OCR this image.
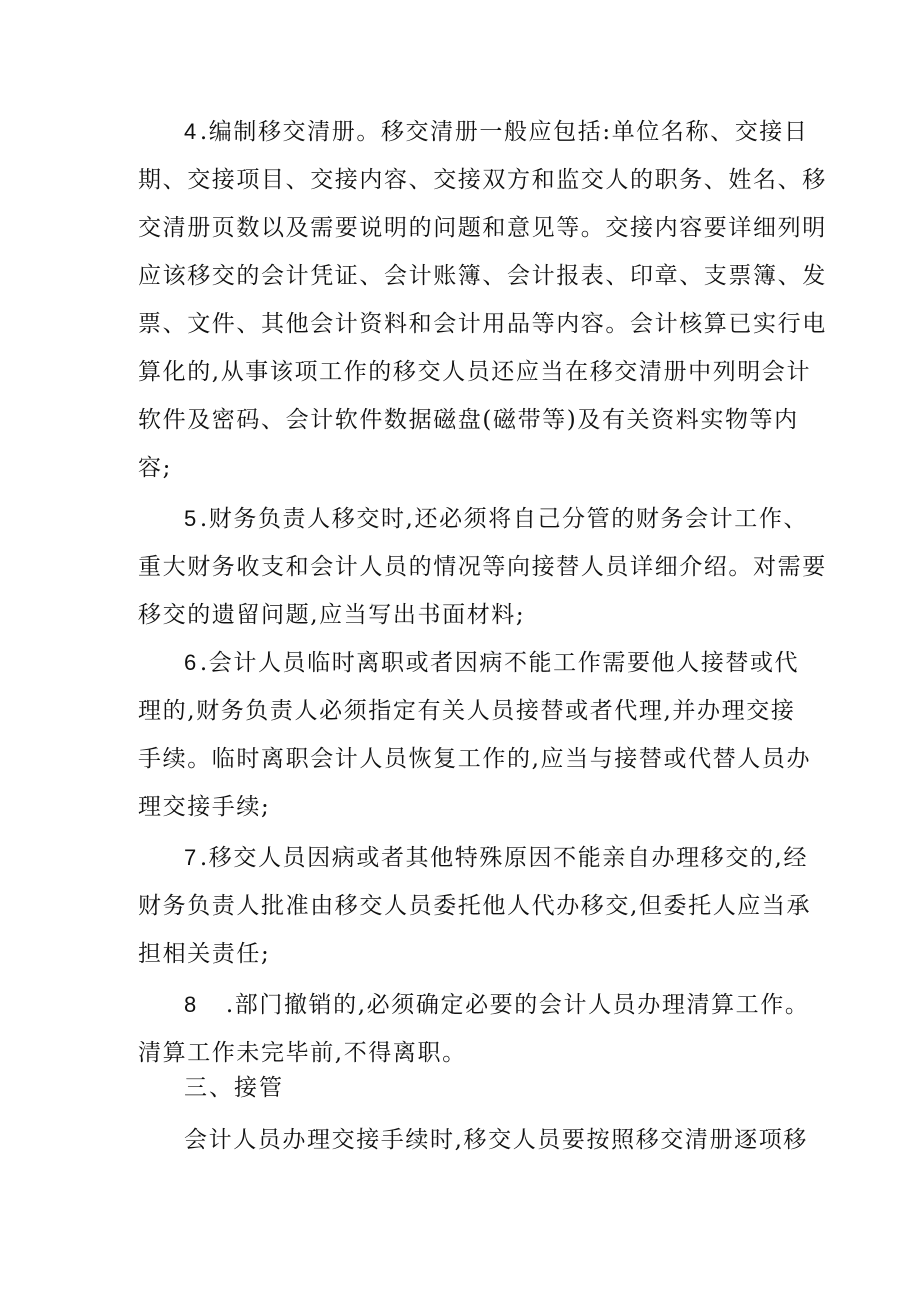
4.编制移交清册。移交清册一般应包括:单位名称、交接日
期、交接项目、交接内容、交接双方和监交人的职务、姓名、移
交清册页数以及需要说明的问题和意见等。交接内容要详细列明
应该移交的会计凭证、会计账簿、会计报表、印章、支票簿、发
票、文件、其他会计资料和会计用品等内容。会计核算已实行电
算化的,从事该项工作的移交人员还应当在移交清册中列明会计
软件及密码、会计软件数据磁盘(磁带等)及有关资料实物等内
容;
5.财务负责人移交时,还必须将自己分管的财务会计工作、
重大财务收支和会计人员的情况等向接替人员详细介绍。对需要
移交的遗留问题,应当写出书面材料;
6.会计人员临时离职或者因病不能工作需要他人接替或代
理的,财务负责人必须指定有关人员接替或者代理,并办理交接
手续。临时离职会计人员恢复工作的,应当与接替或代替人员办
理交接手续;
7.移交人员因病或者其他特殊原因不能亲自办理移交的,经
财务负责人批准由移交人员委托他人代办移交,但委托人应当承
担相关责任;
8 .部门撤销的,必须确定必要的会计人员办理清算工作。
清算工作未完毕前,不得离职。
三、接管
会计人员办理交接手续时,移交人员要按照移交清册逐项移
